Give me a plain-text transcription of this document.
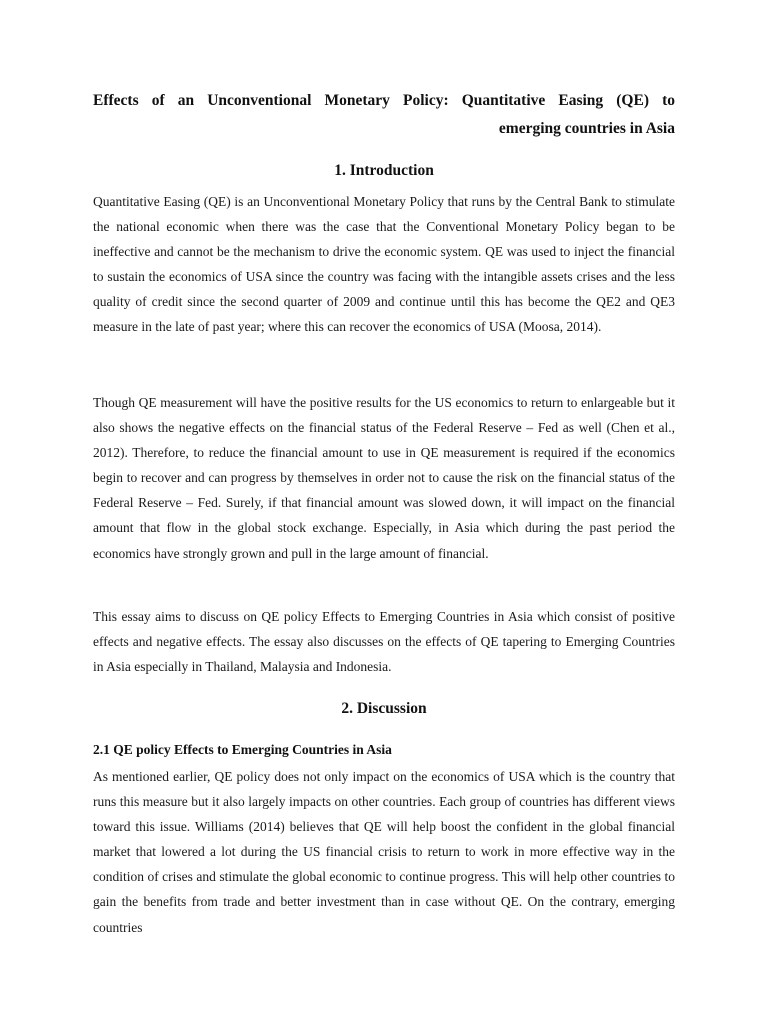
Effects of an Unconventional Monetary Policy: Quantitative Easing (QE) to

emerging countries in Asia

1. Introduction

Quantitative Easing (QE) is an Unconventional Monetary Policy that runs by the Central Bank to stimulate the national economic when there was the case that the Conventional Monetary Policy began to be ineffective and cannot be the mechanism to drive the economic system. QE was used to inject the financial to sustain the economics of USA since the country was facing with the intangible assets crises and the less quality of credit since the second quarter of 2009 and continue until this has become the QE2 and QE3 measure in the late of past year; where this can recover the economics of USA (Moosa, 2014).

Though QE measurement will have the positive results for the US economics to return to enlargeable but it also shows the negative effects on the financial status of the Federal Reserve – Fed as well (Chen et al., 2012). Therefore, to reduce the financial amount to use in QE measurement is required if the economics begin to recover and can progress by themselves in order not to cause the risk on the financial status of the Federal Reserve – Fed. Surely, if that financial amount was slowed down, it will impact on the financial amount that flow in the global stock exchange. Especially, in Asia which during the past period the economics have strongly grown and pull in the large amount of financial.

This essay aims to discuss on QE policy Effects to Emerging Countries in Asia which consist of positive effects and negative effects. The essay also discusses on the effects of QE tapering to Emerging Countries in Asia especially in Thailand, Malaysia and Indonesia.

2. Discussion
2.1 QE policy Effects to Emerging Countries in Asia

As mentioned earlier, QE policy does not only impact on the economics of USA which is the country that runs this measure but it also largely impacts on other countries. Each group of countries has different views toward this issue. Williams (2014) believes that QE will help boost the confident in the global financial market that lowered a lot during the US financial crisis to return to work in more effective way in the condition of crises and stimulate the global economic to continue progress. This will help other countries to gain the benefits from trade and better investment than in case without QE. On the contrary, emerging countries
